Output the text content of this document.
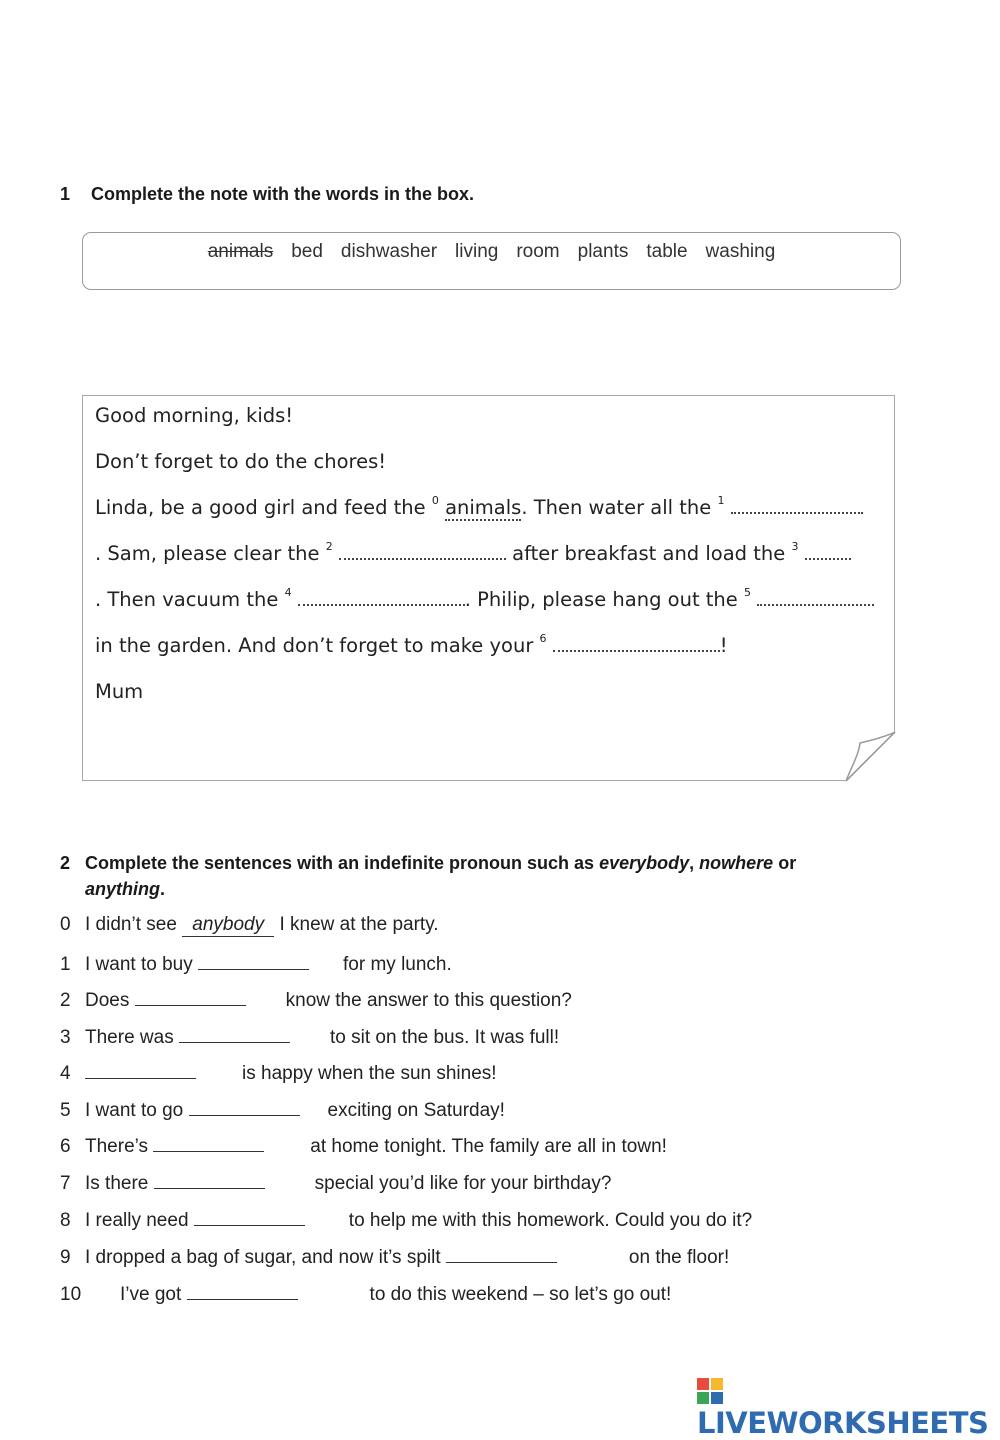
1 Complete the note with the words in the box.
animals bed dishwasher living room plants table washing
Good morning, kids!
Don’t forget to do the chores!
Linda, be a good girl and feed the $^0$ animals. Then water all the $^1$
. Sam, please clear the $^2$	after breakfast and load the $^3$
. Then vacuum the $^4$	. Philip, please hang out the $^5$
in the garden. And don’t forget to make your $^6$	!
Mum
2 Complete the sentences with an indefinite pronoun such as everybody, nowhere or
anything.
0 I didn’t see anybody I knew at the party.
1 I want to buy	for my lunch.
2 Does	know the answer to this question?
3 There was	to sit on the bus. It was full!
4	is happy when the sun shines!
5 I want to go	exciting on Saturday!
6 There’s	at home tonight. The family are all in town!
7 Is there	special you’d like for your birthday?
8 I really need	to help me with this homework. Could you do it?
9 I dropped a bag of sugar, and now it’s spilt	on the floor!
10 I’ve got	to do this weekend – so let’s go out!
LIVEWORKSHEETS
